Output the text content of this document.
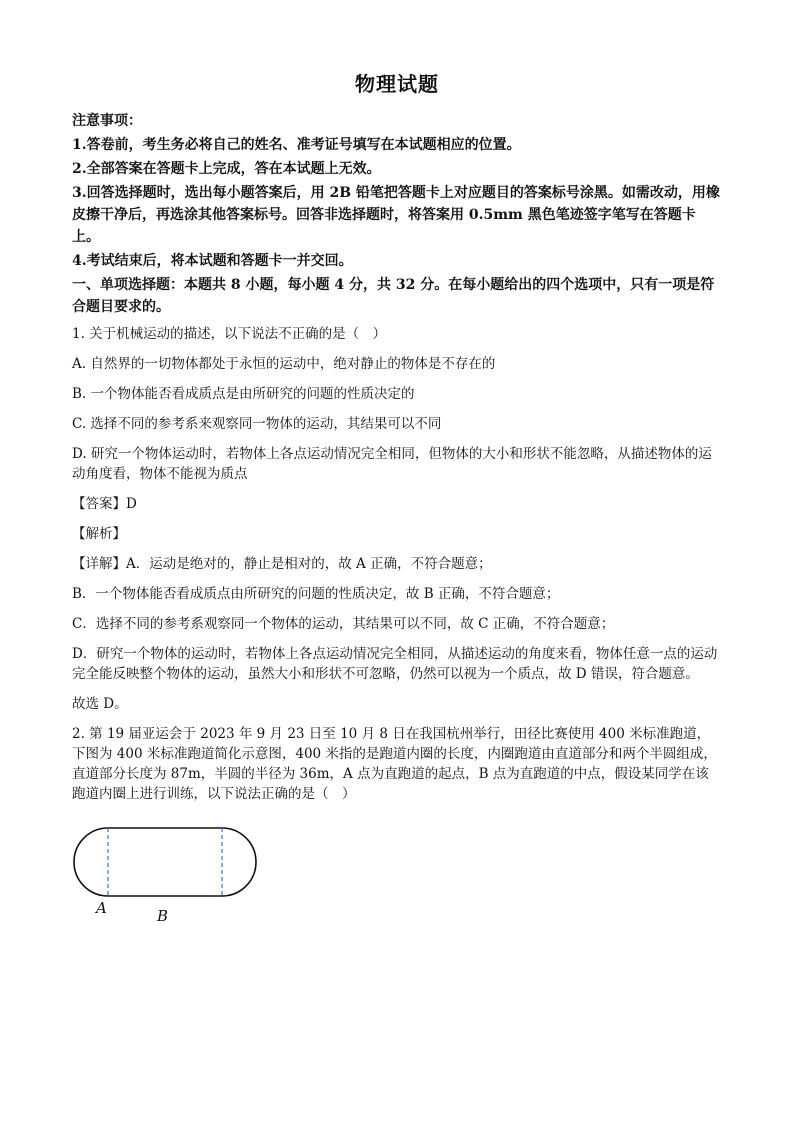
物理试题

注意事项：

1.答卷前，考生务必将自己的姓名、准考证号填写在本试题相应的位置。

2.全部答案在答题卡上完成，答在本试题上无效。

3.回答选择题时，选出每小题答案后，用 2B 铅笔把答题卡上对应题目的答案标号涂黑。如需改动，用橡皮擦干净后，再选涂其他答案标号。回答非选择题时，将答案用 0.5mm 黑色笔迹签字笔写在答题卡上。

4.考试结束后，将本试题和答题卡一并交回。

一、单项选择题：本题共 8 小题，每小题 4 分，共 32 分。在每小题给出的四个选项中，只有一项是符合题目要求的。

1. 关于机械运动的描述，以下说法不正确的是（　）

A. 自然界的一切物体都处于永恒的运动中，绝对静止的物体是不存在的

B. 一个物体能否看成质点是由所研究的问题的性质决定的

C. 选择不同的参考系来观察同一物体的运动，其结果可以不同

D. 研究一个物体运动时，若物体上各点运动情况完全相同，但物体的大小和形状不能忽略，从描述物体的运动角度看，物体不能视为质点

【答案】D

【解析】

【详解】A．运动是绝对的，静止是相对的，故 A 正确，不符合题意；

B．一个物体能否看成质点由所研究的问题的性质决定，故 B 正确，不符合题意；

C．选择不同的参考系观察同一个物体的运动，其结果可以不同，故 C 正确，不符合题意；

D．研究一个物体的运动时，若物体上各点运动情况完全相同，从描述运动的角度来看，物体任意一点的运动完全能反映整个物体的运动，虽然大小和形状不可忽略，仍然可以视为一个质点，故 D 错误，符合题意。

故选 D。

2. 第 19 届亚运会于 2023 年 9 月 23 日至 10 月 8 日在我国杭州举行，田径比赛使用 400 米标准跑道，下图为 400 米标准跑道简化示意图，400 米指的是跑道内圈的长度，内圈跑道由直道部分和两个半圆组成，直道部分长度为 87m，半圆的半径为 36m，A 点为直跑道的起点，B 点为直跑道的中点，假设某同学在该跑道内圈上进行训练，以下说法正确的是（　）

A	B
